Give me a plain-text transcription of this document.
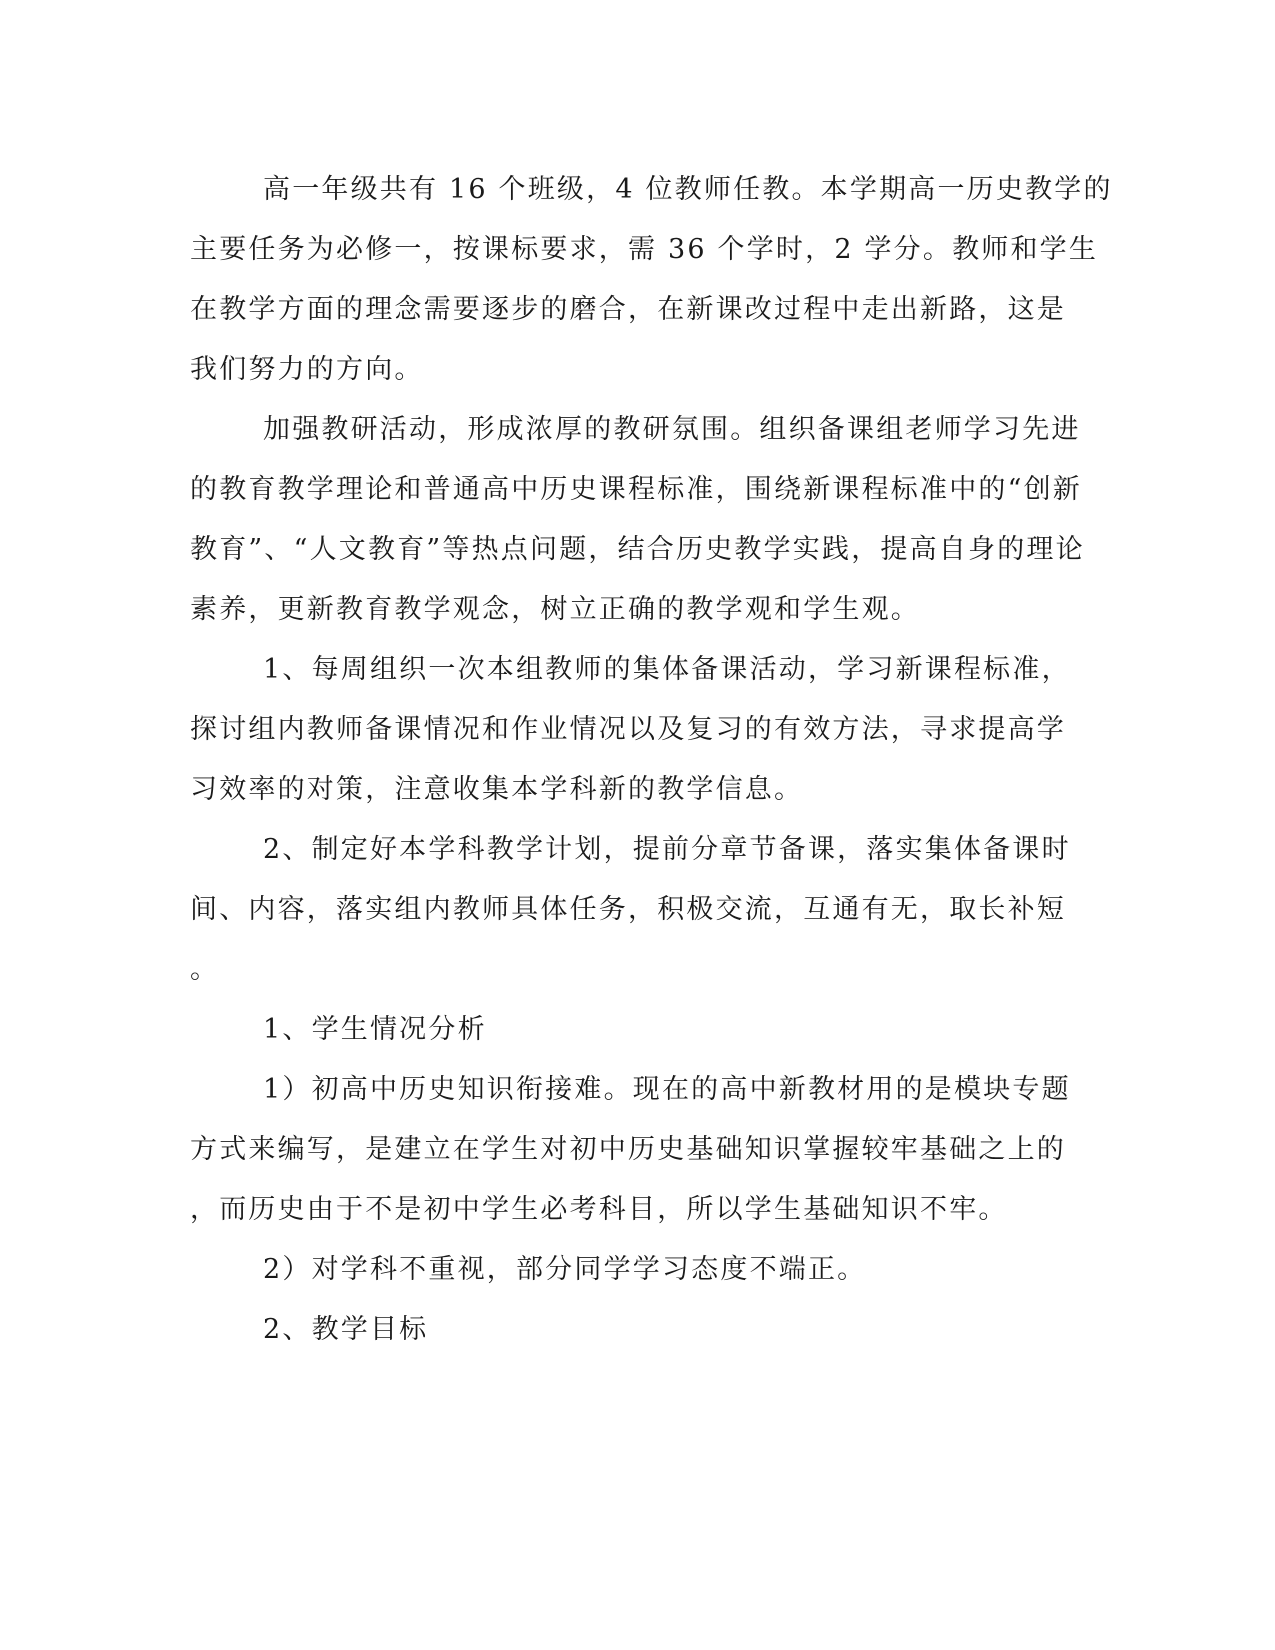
高一年级共有 16 个班级，4 位教师任教。本学期高一历史教学的
主要任务为必修一，按课标要求，需 36 个学时，2 学分。教师和学生
在教学方面的理念需要逐步的磨合，在新课改过程中走出新路，这是
我们努力的方向。
加强教研活动，形成浓厚的教研氛围。组织备课组老师学习先进
的教育教学理论和普通高中历史课程标准，围绕新课程标准中的“创新
教育”、“人文教育”等热点问题，结合历史教学实践，提高自身的理论
素养，更新教育教学观念，树立正确的教学观和学生观。
1、每周组织一次本组教师的集体备课活动，学习新课程标准，
探讨组内教师备课情况和作业情况以及复习的有效方法，寻求提高学
习效率的对策，注意收集本学科新的教学信息。
2、制定好本学科教学计划，提前分章节备课，落实集体备课时
间、内容，落实组内教师具体任务，积极交流，互通有无，取长补短
。
1、学生情况分析
1）初高中历史知识衔接难。现在的高中新教材用的是模块专题
方式来编写，是建立在学生对初中历史基础知识掌握较牢基础之上的
，而历史由于不是初中学生必考科目，所以学生基础知识不牢。
2）对学科不重视，部分同学学习态度不端正。
2、教学目标
